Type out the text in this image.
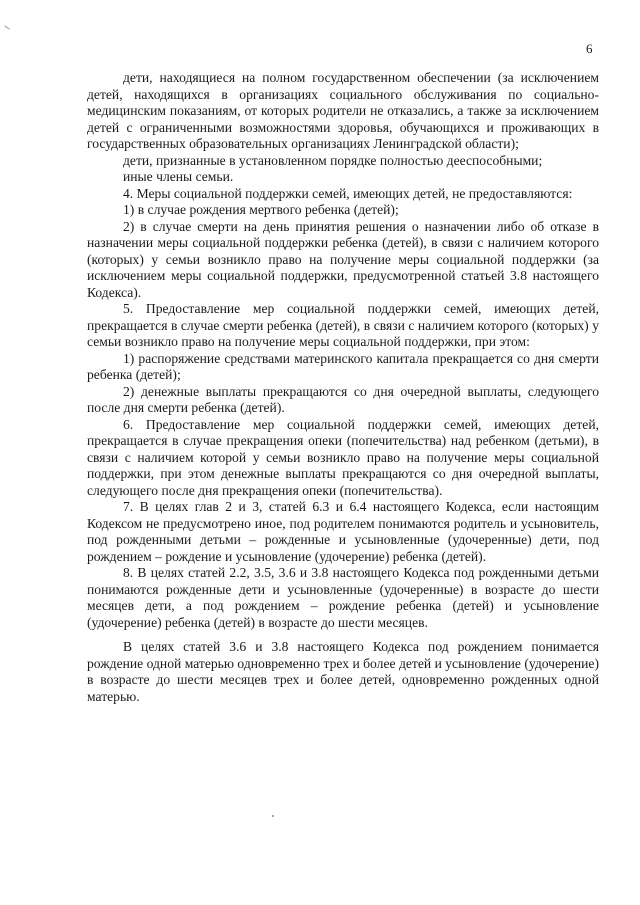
6

дети, находящиеся на полном государственном обеспечении (за исключением детей, находящихся в организациях социального обслуживания по социально-медицинским показаниям, от которых родители не отказались, а также за исключением детей с ограниченными возможностями здоровья, обучающихся и проживающих в государственных образовательных организациях Ленинградской области);

дети, признанные в установленном порядке полностью дееспособными;

иные члены семьи.

4. Меры социальной поддержки семей, имеющих детей, не предоставляются:

1) в случае рождения мертвого ребенка (детей);

2) в случае смерти на день принятия решения о назначении либо об отказе в назначении меры социальной поддержки ребенка (детей), в связи с наличием которого (которых) у семьи возникло право на получение меры социальной поддержки (за исключением меры социальной поддержки, предусмотренной статьей 3.8 настоящего Кодекса).

5. Предоставление мер социальной поддержки семей, имеющих детей, прекращается в случае смерти ребенка (детей), в связи с наличием которого (которых) у семьи возникло право на получение меры социальной поддержки, при этом:

1) распоряжение средствами материнского капитала прекращается со дня смерти ребенка (детей);

2) денежные выплаты прекращаются со дня очередной выплаты, следующего после дня смерти ребенка (детей).

6. Предоставление мер социальной поддержки семей, имеющих детей, прекращается в случае прекращения опеки (попечительства) над ребенком (детьми), в связи с наличием которой у семьи возникло право на получение меры социальной поддержки, при этом денежные выплаты прекращаются со дня очередной выплаты, следующего после дня прекращения опеки (попечительства).

7. В целях глав 2 и 3, статей 6.3 и 6.4 настоящего Кодекса, если настоящим Кодексом не предусмотрено иное, под родителем понимаются родитель и усыновитель, под рожденными детьми – рожденные и усыновленные (удочеренные) дети, под рождением – рождение и усыновление (удочерение) ребенка (детей).

8. В целях статей 2.2, 3.5, 3.6 и 3.8 настоящего Кодекса под рожденными детьми понимаются рожденные дети и усыновленные (удочеренные) в возрасте до шести месяцев дети, а под рождением – рождение ребенка (детей) и усыновление (удочерение) ребенка (детей) в возрасте до шести месяцев.

В целях статей 3.6 и 3.8 настоящего Кодекса под рождением понимается рождение одной матерью одновременно трех и более детей и усыновление (удочерение) в возрасте до шести месяцев трех и более детей, одновременно рожденных одной матерью.
